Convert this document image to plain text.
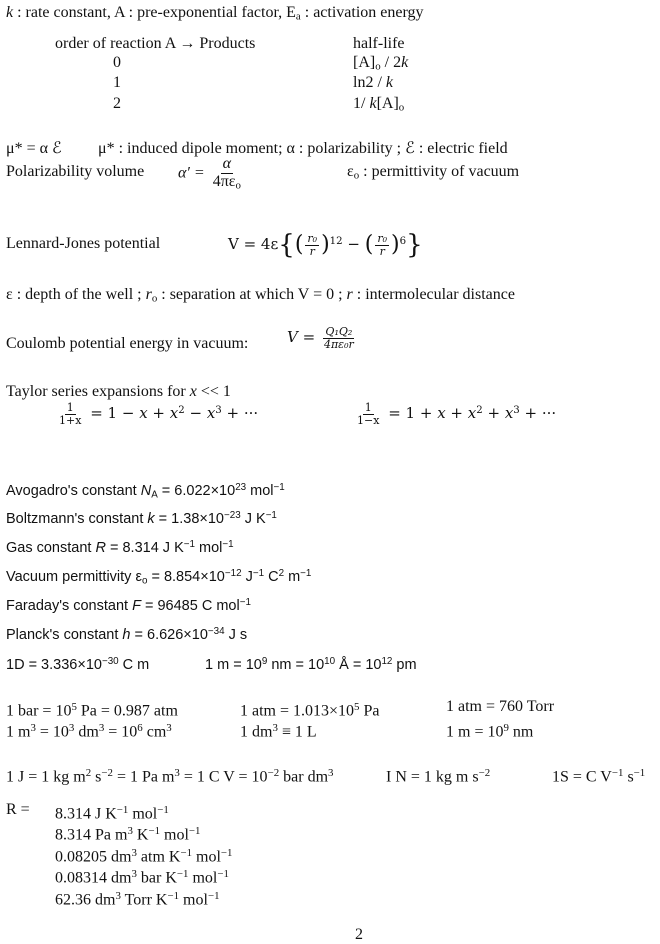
k : rate constant, A : pre-exponential factor, $E_a$ : activation energy
order of reaction A → Products	half-life
0	$[A]_o / 2k$
1	ln2 / k
2	1/ $k[A]_o$
μ* = α ℰ μ* : induced dipole moment; α : polarizability ; ℰ : electric field
Polarizability volume $\alpha' = \frac{\alpha}{4\pi\varepsilon_o}$	$\varepsilon_o$ : permittivity of vacuum
Lennard-Jones potential	$V = 4\varepsilon\{( \frac{\text{r₀}}{r} )^{12}$ − ( $\frac{\text{r₀}}{r} )^6$}
ε : depth of the well ; $r_o$ : separation at which V = 0 ; r : intermolecular distance
Coulomb potential energy in vacuum:	$V = \frac{\text{Q₁Q₂}}{\text{4πε₀r}}$
Taylor series expansions for x << 1
$\frac{1}{1+x} = 1 - x + x^2 - x^3$ + ···	$\frac{1}{1-x} = 1 + x + x^2 + x^3$ + ···
Avogadro's constant $N_A = 6.022\times 10^{23}$ mol$^{-1}$
Boltzmann's constant $k = 1.38\times 10^{-23}$ J $K^{-1}$
Gas constant R = 8.314 J $K^{-1}$ mol$^{-1}$
Vacuum permittivity $\varepsilon_o = 8.854\times 10^{-12}$ $J^{-1}$ $C^2$ $m^{-1}$
Faraday's constant F = 96485 C mol$^{-1}$
Planck's constant $h = 6.626\times 10^{-34}$ J s
$1D = 3.336\times 10^{-30}$ C m	1 $m = 10^9$ nm = $10^{10}$ Å = $10^{12}$ pm
1 bar = $10^5$ Pa = 0.987 atm	1 atm = $1.013\times 10^5$ Pa	1 atm = 760 Torr
1 $m^3 = 10^3$ $dm^3 = 10^6$ $cm^3$	1 $dm^3 \equiv 1$ L	1 $m = 10^9$ nm
1 J = 1 kg $m^2$ $s^{-2} = 1$ Pa $m^3 = 1$ C $V = 10^{-2}$ bar $dm^3$	I N = 1 kg m $s^{-2}$	1S = C $V^{-1}$ $s^{-1}$
R = 8.314 J $K^{-1}$ mol$^{-1}$
8.314 Pa $m^3$ $K^{-1}$ mol$^{-1}$
0.08205 $dm^3$ atm $K^{-1}$ mol$^{-1}$
0.08314 $dm^3$ bar $K^{-1}$ mol$^{-1}$
62.36 $dm^3$ Torr $K^{-1}$ mol$^{-1}$
2
